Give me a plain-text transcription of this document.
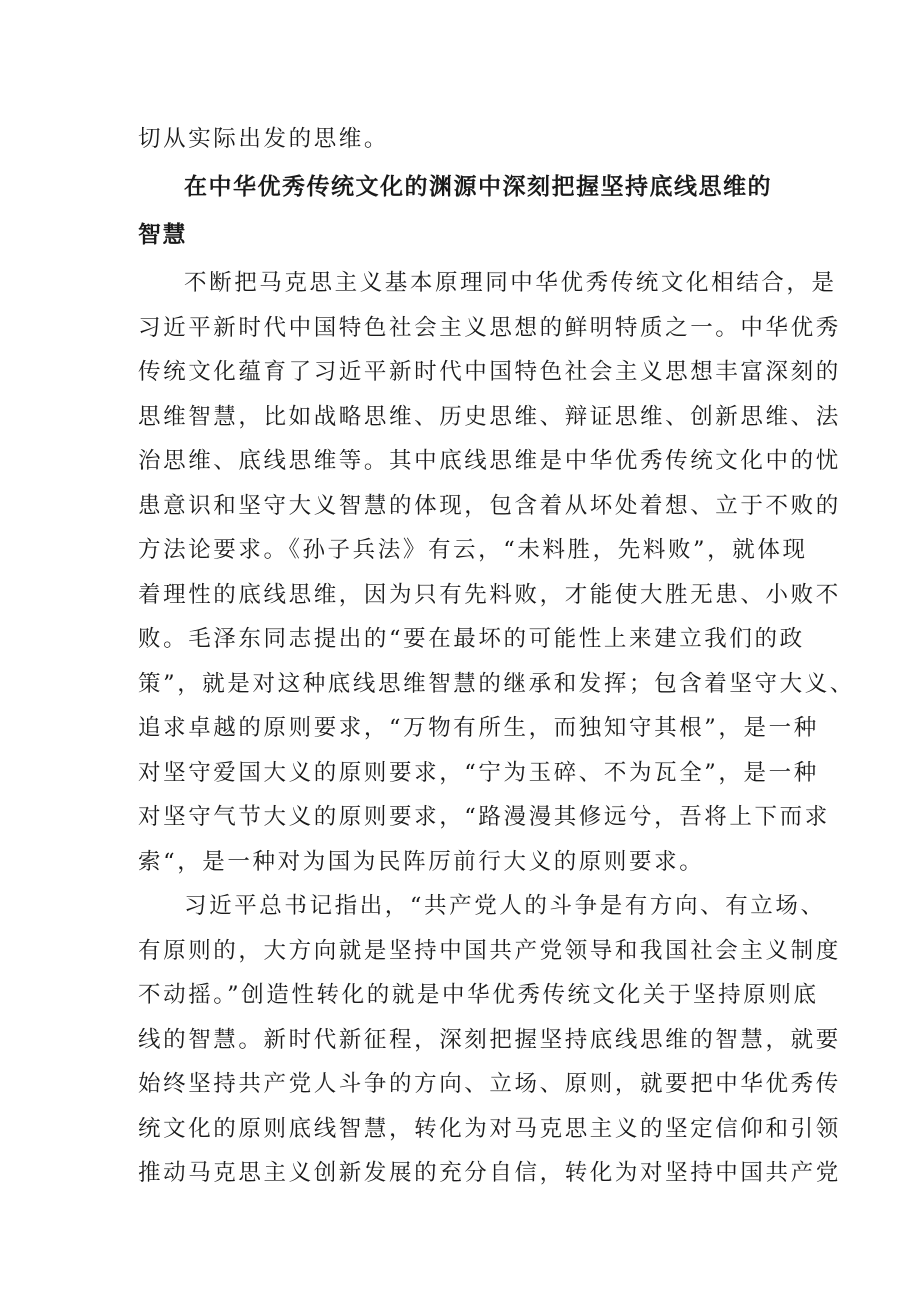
切从实际出发的思维。
在中华优秀传统文化的渊源中深刻把握坚持底线思维的
智慧
不断把马克思主义基本原理同中华优秀传统文化相结合，是
习近平新时代中国特色社会主义思想的鲜明特质之一。中华优秀
传统文化蕴育了习近平新时代中国特色社会主义思想丰富深刻的
思维智慧，比如战略思维、历史思维、辩证思维、创新思维、法
治思维、底线思维等。其中底线思维是中华优秀传统文化中的忧
患意识和坚守大义智慧的体现，包含着从坏处着想、立于不败的
方法论要求。《孙子兵法》有云，“未料胜，先料败”，就体现
着理性的底线思维，因为只有先料败，才能使大胜无患、小败不
败。毛泽东同志提出的“要在最坏的可能性上来建立我们的政
策”，就是对这种底线思维智慧的继承和发挥；包含着坚守大义、
追求卓越的原则要求，“万物有所生，而独知守其根”，是一种
对坚守爱国大义的原则要求，“宁为玉碎、不为瓦全”，是一种
对坚守气节大义的原则要求，“路漫漫其修远兮，吾将上下而求
索“，是一种对为国为民阵厉前行大义的原则要求。
习近平总书记指出，“共产党人的斗争是有方向、有立场、
有原则的，大方向就是坚持中国共产党领导和我国社会主义制度
不动摇。”创造性转化的就是中华优秀传统文化关于坚持原则底
线的智慧。新时代新征程，深刻把握坚持底线思维的智慧，就要
始终坚持共产党人斗争的方向、立场、原则，就要把中华优秀传
统文化的原则底线智慧，转化为对马克思主义的坚定信仰和引领
推动马克思主义创新发展的充分自信，转化为对坚持中国共产党
